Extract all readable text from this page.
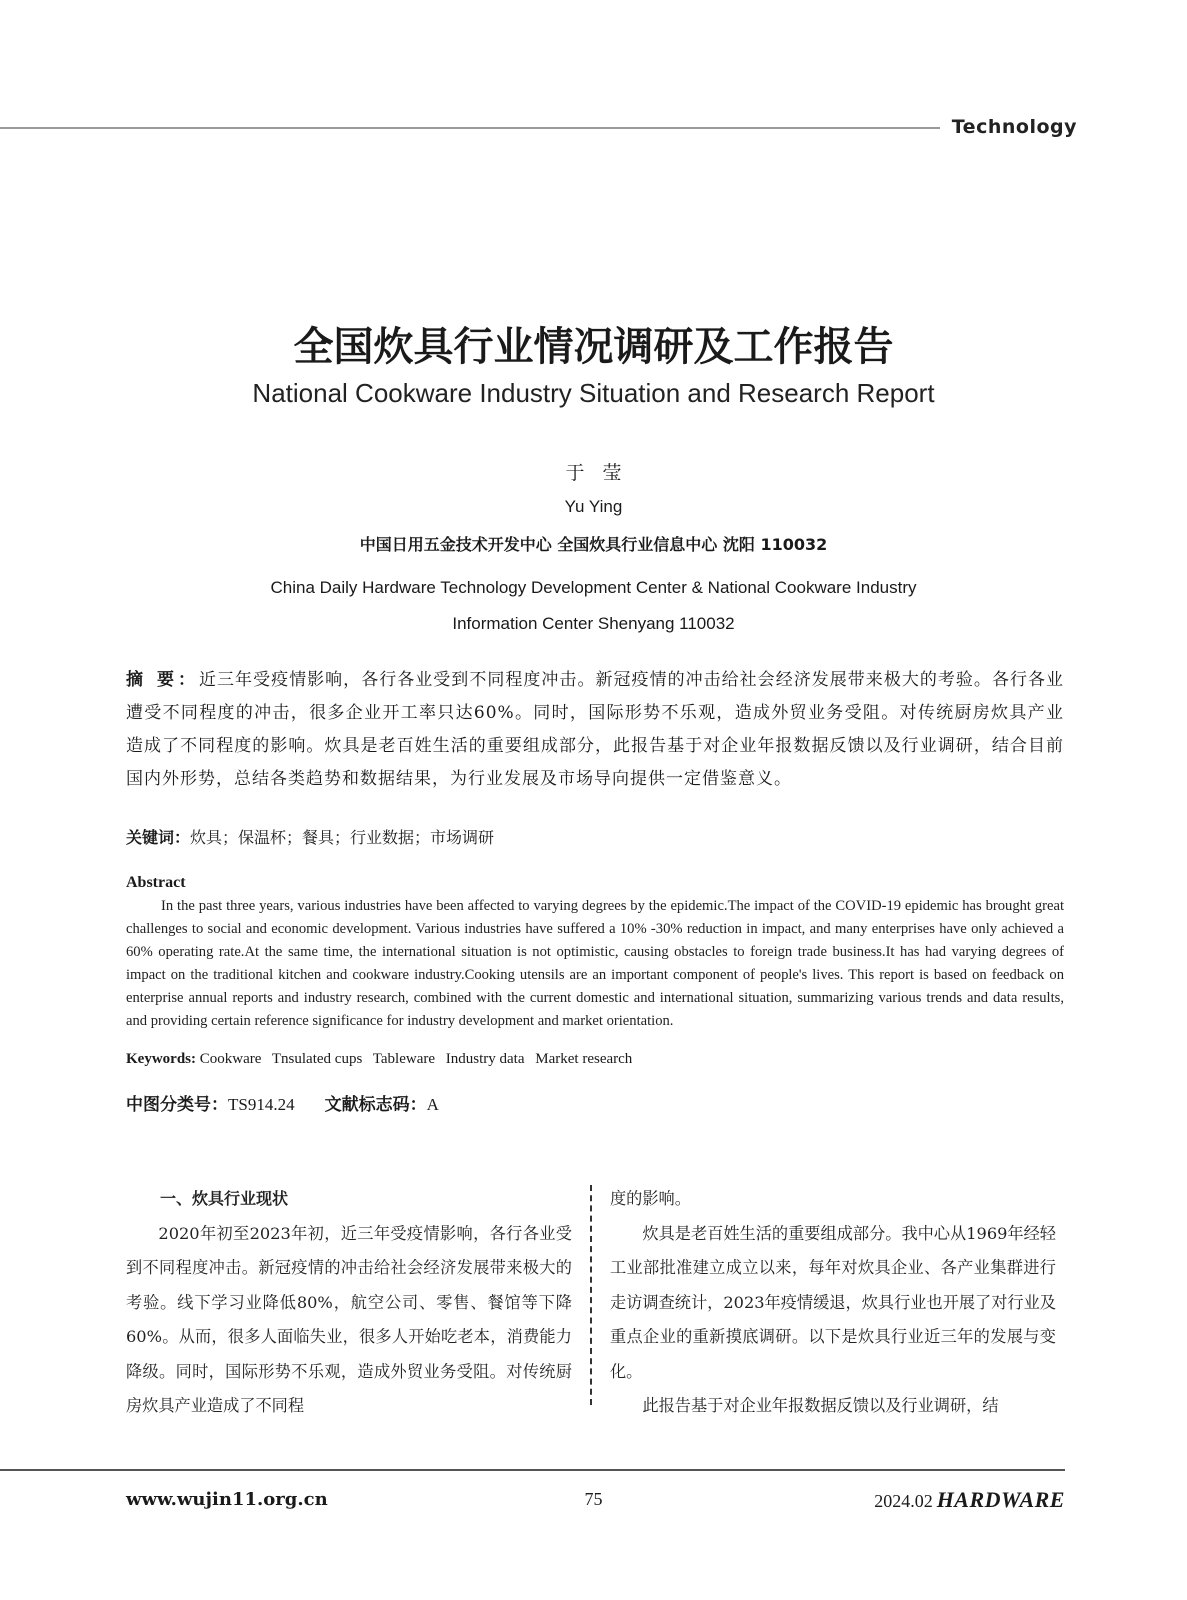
Technology
全国炊具行业情况调研及工作报告
National Cookware Industry Situation and Research Report
于莹
Yu Ying
中国日用五金技术开发中心 全国炊具行业信息中心 沈阳 110032
China Daily Hardware Technology Development Center & National Cookware Industry
Information Center Shenyang 110032
摘 要：近三年受疫情影响，各行各业受到不同程度冲击。新冠疫情的冲击给社会经济发展带来极大的考验。各行各业遭受不同程度的冲击，很多企业开工率只达60%。同时，国际形势不乐观，造成外贸业务受阻。对传统厨房炊具产业造成了不同程度的影响。炊具是老百姓生活的重要组成部分，此报告基于对企业年报数据反馈以及行业调研，结合目前国内外形势，总结各类趋势和数据结果，为行业发展及市场导向提供一定借鉴意义。
关键词：炊具；保温杯；餐具；行业数据；市场调研
Abstract
In the past three years, various industries have been affected to varying degrees by the epidemic.The impact of the COVID-19 epidemic has brought great challenges to social and economic development. Various industries have suffered a 10% -30% reduction in impact, and many enterprises have only achieved a 60% operating rate.At the same time, the international situation is not optimistic, causing obstacles to foreign trade business.It has had varying degrees of impact on the traditional kitchen and cookware industry.Cooking utensils are an important component of people's lives. This report is based on feedback on enterprise annual reports and industry research, combined with the current domestic and international situation, summarizing various trends and data results, and providing certain reference significance for industry development and market orientation.
Keywords: Cookware Tnsulated cups Tableware Industry data Market research
中图分类号：TS914.24 文献标志码：A
一、炊具行业现状

2020年初至2023年初，近三年受疫情影响，各行各业受到不同程度冲击。新冠疫情的冲击给社会经济发展带来极大的考验。线下学习业降低80%，航空公司、零售、餐馆等下降60%。从而，很多人面临失业，很多人开始吃老本，消费能力降级。同时，国际形势不乐观，造成外贸业务受阻。对传统厨房炊具产业造成了不同程

度的影响。

炊具是老百姓生活的重要组成部分。我中心从1969年经轻工业部批准建立成立以来，每年对炊具企业、各产业集群进行走访调查统计，2023年疫情缓退，炊具行业也开展了对行业及重点企业的重新摸底调研。以下是炊具行业近三年的发展与变化。

此报告基于对企业年报数据反馈以及行业调研，结

www.wujin11.org.cn	75	2024.02 HARDWARE
